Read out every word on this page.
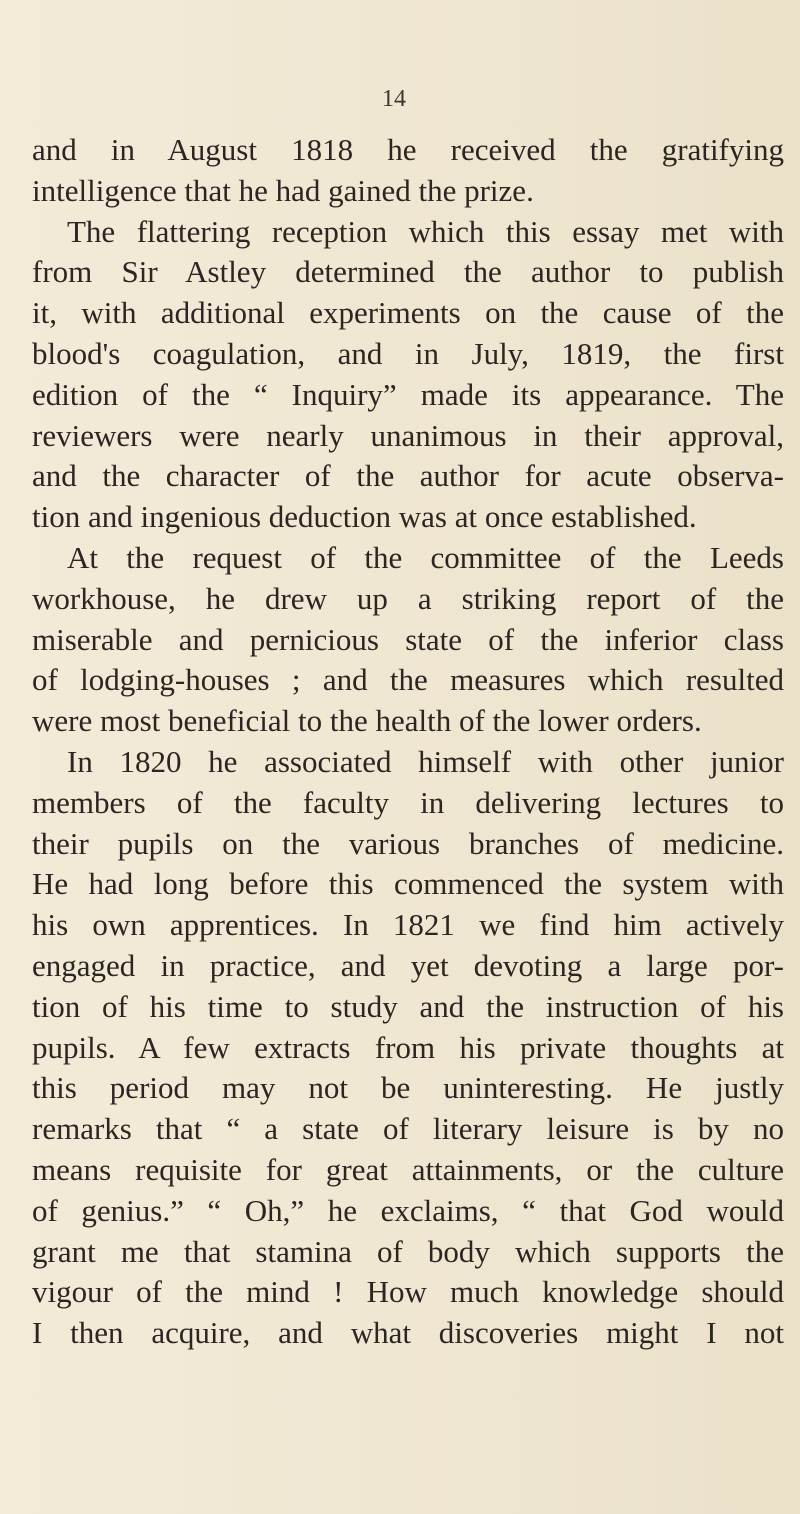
14
and in August 1818 he received the gratifying
intelligence that he had gained the prize.
The flattering reception which this essay met with
from Sir Astley determined the author to publish
it, with additional experiments on the cause of the
blood's coagulation, and in July, 1819, the first
edition of the “ Inquiry” made its appearance. The
reviewers were nearly unanimous in their approval,
and the character of the author for acute observa-
tion and ingenious deduction was at once established.
At the request of the committee of the Leeds
workhouse, he drew up a striking report of the
miserable and pernicious state of the inferior class
of lodging-houses ; and the measures which resulted
were most beneficial to the health of the lower orders.
In 1820 he associated himself with other junior
members of the faculty in delivering lectures to
their pupils on the various branches of medicine.
He had long before this commenced the system with
his own apprentices. In 1821 we find him actively
engaged in practice, and yet devoting a large por-
tion of his time to study and the instruction of his
pupils. A few extracts from his private thoughts at
this period may not be uninteresting. He justly
remarks that “ a state of literary leisure is by no
means requisite for great attainments, or the culture
of genius.” “ Oh,” he exclaims, “ that God would
grant me that stamina of body which supports the
vigour of the mind ! How much knowledge should
I then acquire, and what discoveries might I not
